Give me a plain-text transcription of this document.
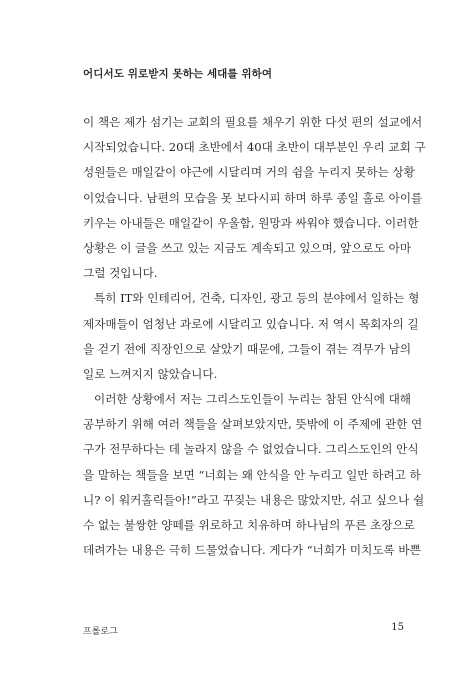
어디서도 위로받지 못하는 세대를 위하여
이 책은 제가 섬기는 교회의 필요를 채우기 위한 다섯 편의 설교에서
시작되었습니다. 20대 초반에서 40대 초반이 대부분인 우리 교회 구
성원들은 매일같이 야근에 시달리며 거의 쉼을 누리지 못하는 상황
이었습니다. 남편의 모습을 못 보다시피 하며 하루 종일 홀로 아이를
키우는 아내들은 매일같이 우울함, 원망과 싸워야 했습니다. 이러한
상황은 이 글을 쓰고 있는 지금도 계속되고 있으며, 앞으로도 아마
그럴 것입니다.
특히 IT와 인테리어, 건축, 디자인, 광고 등의 분야에서 일하는 형
제자매들이 엄청난 과로에 시달리고 있습니다. 저 역시 목회자의 길
을 걷기 전에 직장인으로 살았기 때문에, 그들이 겪는 격무가 남의
일로 느껴지지 않았습니다.
이러한 상황에서 저는 그리스도인들이 누리는 참된 안식에 대해
공부하기 위해 여러 책들을 살펴보았지만, 뜻밖에 이 주제에 관한 연
구가 전무하다는 데 놀라지 않을 수 없었습니다. 그리스도인의 안식
을 말하는 책들을 보면 “너희는 왜 안식을 안 누리고 일만 하려고 하
니? 이 워커홀릭들아!”라고 꾸짖는 내용은 많았지만, 쉬고 싶으나 쉴
수 없는 불쌍한 양떼를 위로하고 치유하며 하나님의 푸른 초장으로
데려가는 내용은 극히 드물었습니다. 게다가 “너희가 미치도록 바쁜
프롤로그	15
